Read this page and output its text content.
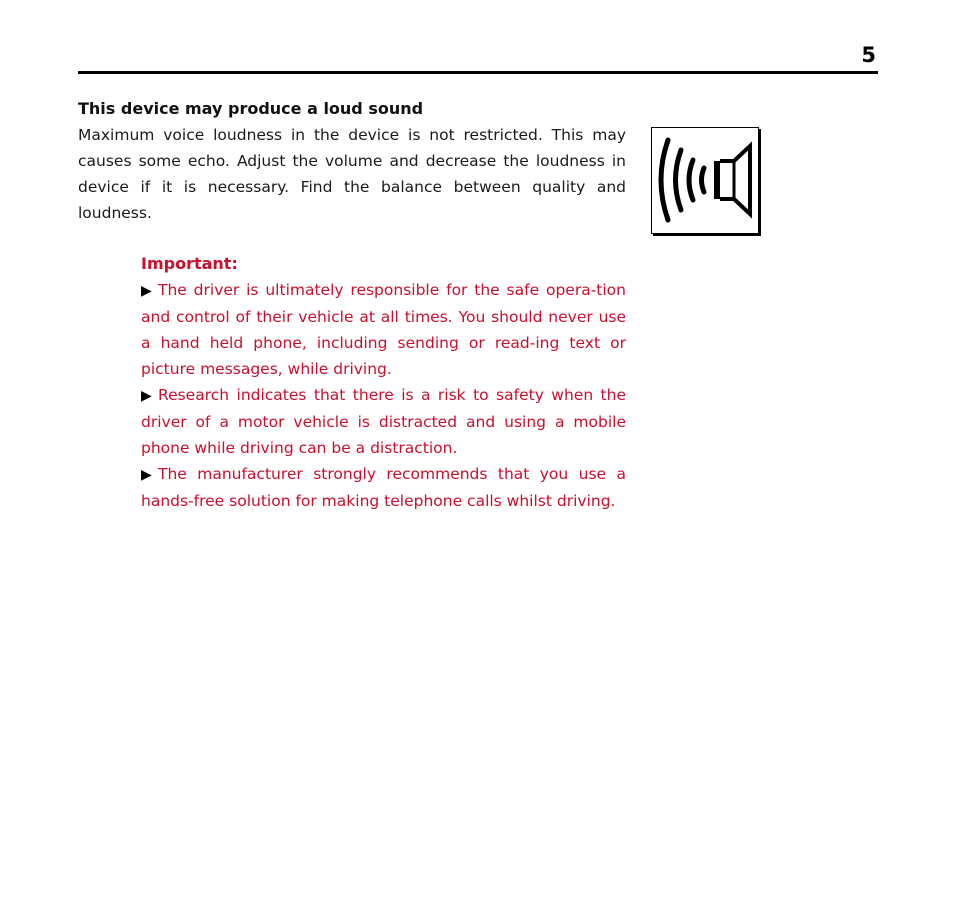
5
This device may produce a loud sound

Maximum voice loudness in the device is not restricted. This may causes some echo. Adjust the volume and decrease the loudness in device if it is necessary. Find the balance between quality and loudness.

Important:

▶ The driver is ultimately responsible for the safe opera-tion and control of their vehicle at all times. You should never use a hand held phone, including sending or read-ing text or picture messages, while driving.

▶ Research indicates that there is a risk to safety when the driver of a motor vehicle is distracted and using a mobile phone while driving can be a distraction.

▶ The manufacturer strongly recommends that you use a hands-free solution for making telephone calls whilst driving.
